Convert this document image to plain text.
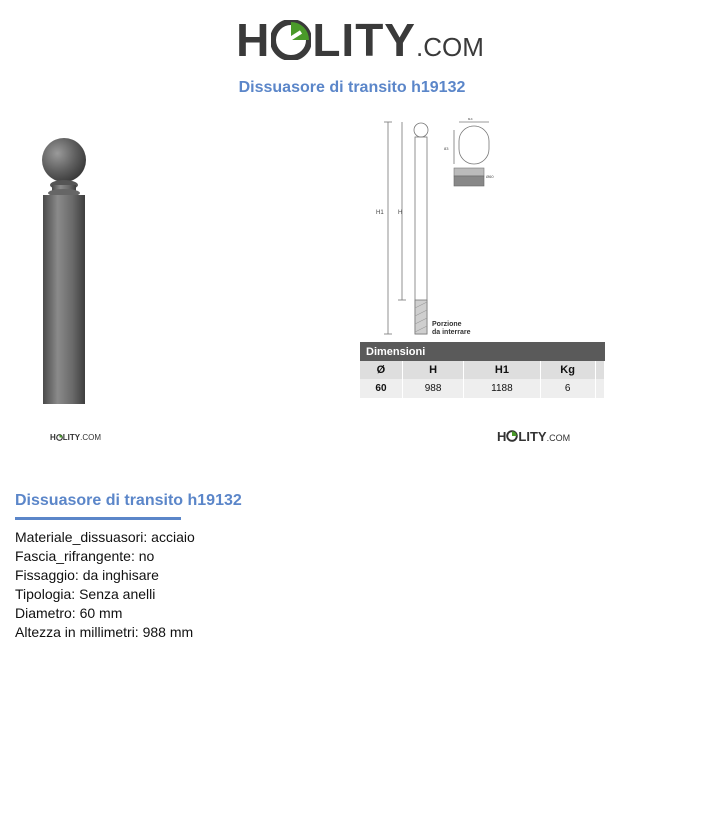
H LITY.COM
Dissuasore di transito h19132
H1 H
63
83
Ø60
Porzione
da interrare
Dimensioni				
Ø	H	H1	Kg	
60	988	1188	6	
H LITY.COM	H LITY.COM
Dissuasore di transito h19132
Materiale_dissuasori: acciaio
Fascia_rifrangente: no
Fissaggio: da inghisare
Tipologia: Senza anelli
Diametro: 60 mm
Altezza in millimetri: 988 mm
